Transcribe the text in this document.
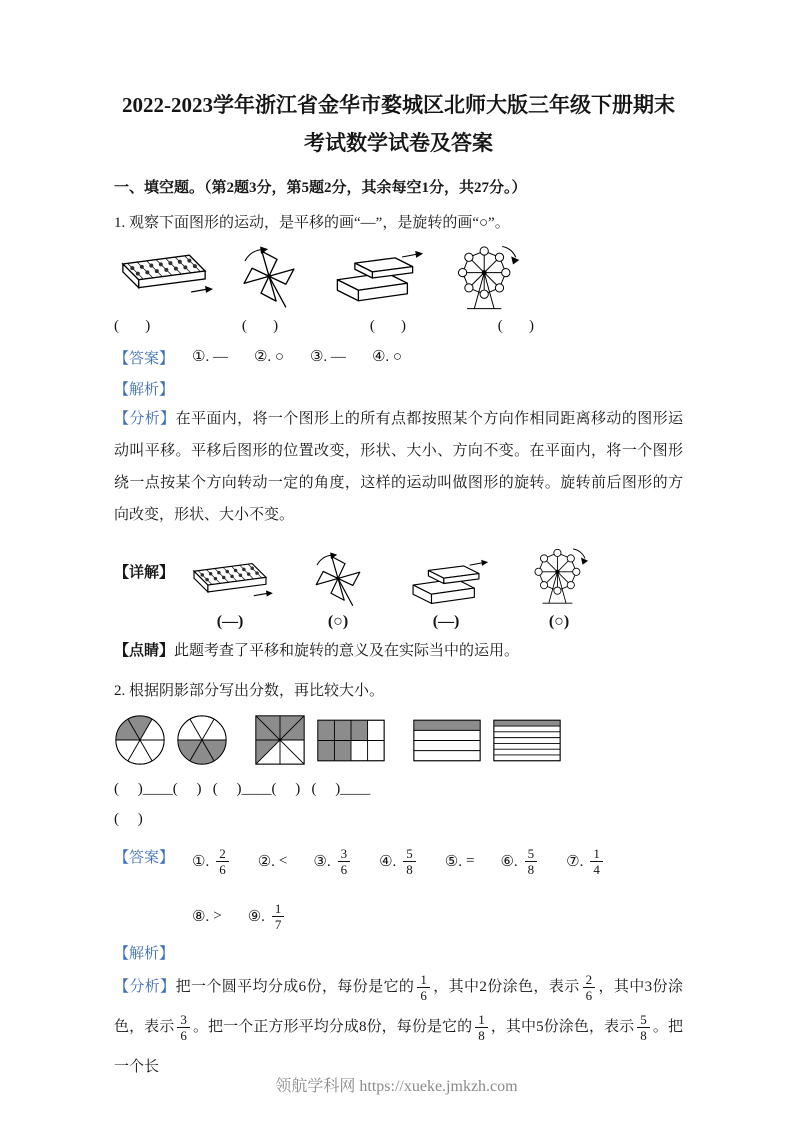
2022-2023学年浙江省金华市婺城区北师大版三年级下册期末考试数学试卷及答案
一、填空题。（第2题3分，第5题2分，其余每空1分，共27分。）
1. 观察下面图形的运动，是平移的画“—”，是旋转的画“○”。
(       )	(       )	(       )	(       )
【答案】 ①. — ②. ○ ③. — ④. ○
【解析】

【分析】在平面内，将一个图形上的所有点都按照某个方向作相同距离移动的图形运动叫平移。平移后图形的位置改变，形状、大小、方向不变。在平面内，将一个图形绕一点按某个方向转动一定的角度，这样的运动叫做图形的旋转。旋转前后图形的方向改变，形状、大小不变。

【详解】
(—)	(○)	(—)	(○)

【点睛】此题考查了平移和旋转的意义及在实际当中的运用。

2. 根据阴影部分写出分数，再比较大小。
(     )____(     )   (     )____(     )   (     )____
(     )
【答案】 ①. $\frac{2}{6}$ ②. < ③. $\frac{3}{6}$ ④. $\frac{5}{8}$ ⑤. = ⑥. $\frac{5}{8}$ ⑦. $\frac{1}{4}$
⑧. > ⑨. $\frac{1}{7}$
【解析】

【分析】把一个圆平均分成6份，每份是它的 $\frac{1}{6}$ ，其中2份涂色，表示 $\frac{2}{6}$ ，其中3份涂色，表示 $\frac{3}{6}$ 。把一个正方形平均分成8份，每份是它的 $\frac{1}{8}$ ，其中5份涂色，表示 $\frac{5}{8}$ 。把一个长

领航学科网 https://xueke.jmkzh.com
